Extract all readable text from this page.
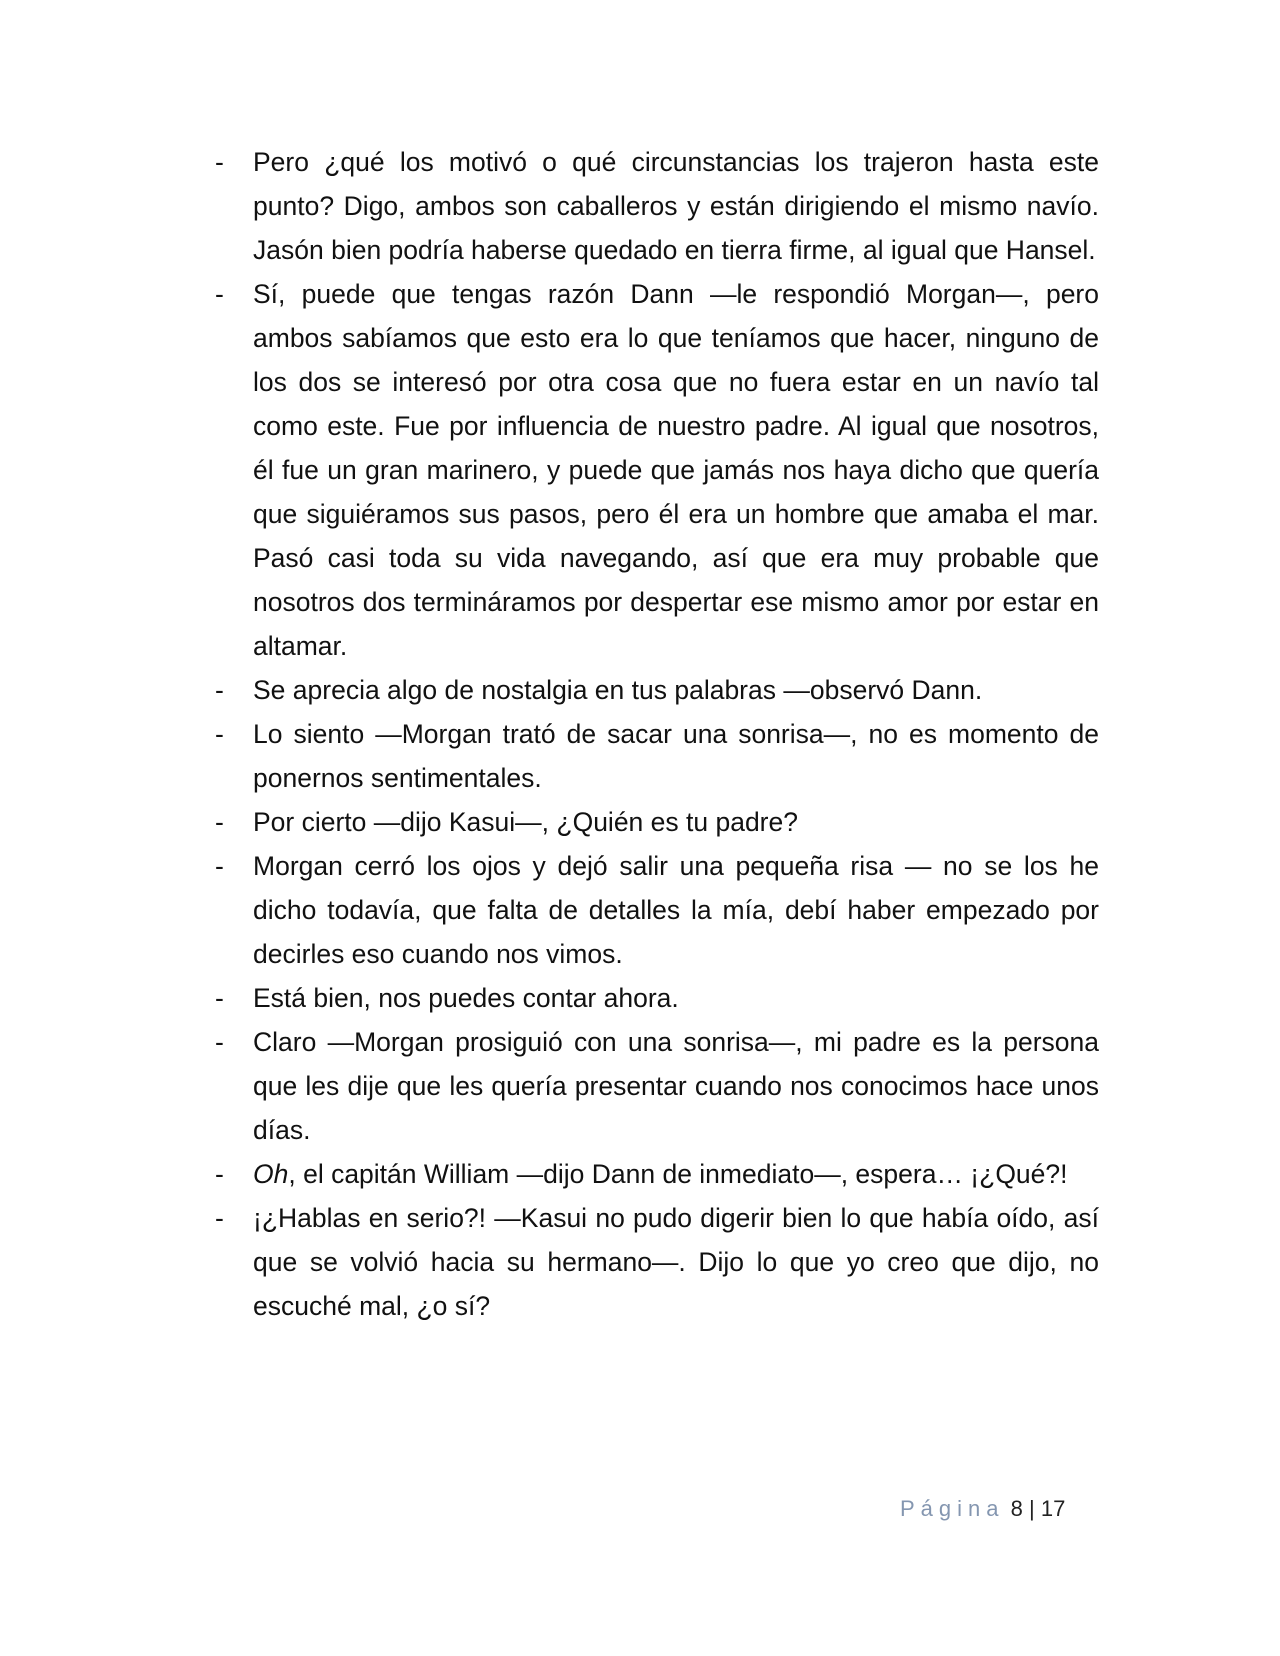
-	Pero ¿qué los motivó o qué circunstancias los trajeron hasta este punto? Digo, ambos son caballeros y están dirigiendo el mismo navío. Jasón bien podría haberse quedado en tierra firme, al igual que Hansel.
-	Sí, puede que tengas razón Dann —le respondió Morgan—, pero ambos sabíamos que esto era lo que teníamos que hacer, ninguno de los dos se interesó por otra cosa que no fuera estar en un navío tal como este. Fue por influencia de nuestro padre. Al igual que nosotros, él fue un gran marinero, y puede que jamás nos haya dicho que quería que siguiéramos sus pasos, pero él era un hombre que amaba el mar. Pasó casi toda su vida navegando, así que era muy probable que nosotros dos termináramos por despertar ese mismo amor por estar en altamar.
-	Se aprecia algo de nostalgia en tus palabras —observó Dann.
-	Lo siento —Morgan trató de sacar una sonrisa—, no es momento de ponernos sentimentales.
-	Por cierto —dijo Kasui—, ¿Quién es tu padre?
-	Morgan cerró los ojos y dejó salir una pequeña risa — no se los he dicho todavía, que falta de detalles la mía, debí haber empezado por decirles eso cuando nos vimos.
-	Está bien, nos puedes contar ahora.
-	Claro —Morgan prosiguió con una sonrisa—, mi padre es la persona que les dije que les quería presentar cuando nos conocimos hace unos días.
-	Oh, el capitán William —dijo Dann de inmediato—, espera… ¡¿Qué?!
-	¡¿Hablas en serio?! —Kasui no pudo digerir bien lo que había oído, así que se volvió hacia su hermano—. Dijo lo que yo creo que dijo, no escuché mal, ¿o sí?
Página 8 | 17
